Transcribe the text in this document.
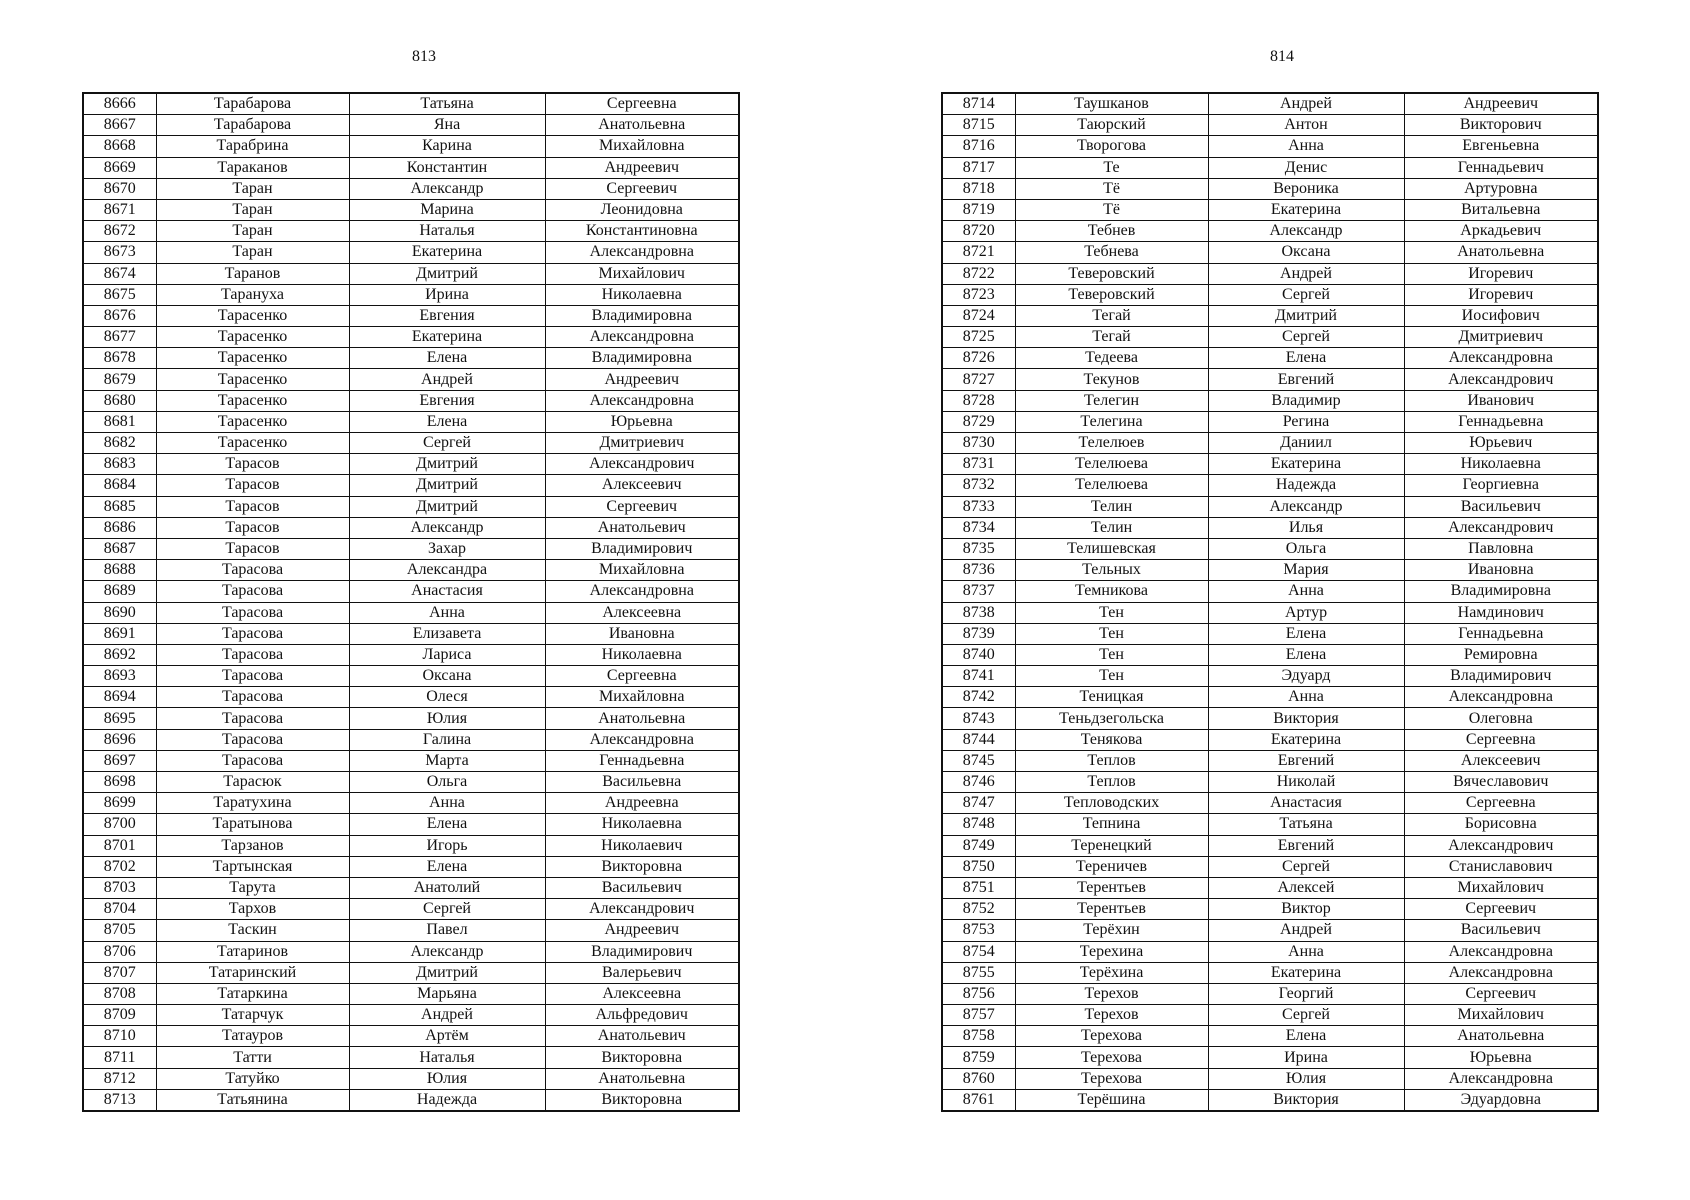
813	814
8666	Тарабарова	Татьяна	Сергеевна
8667	Тарабарова	Яна	Анатольевна
8668	Тарабрина	Карина	Михайловна
8669	Тараканов	Константин	Андреевич
8670	Таран	Александр	Сергеевич
8671	Таран	Марина	Леонидовна
8672	Таран	Наталья	Константиновна
8673	Таран	Екатерина	Александровна
8674	Таранов	Дмитрий	Михайлович
8675	Тарануха	Ирина	Николаевна
8676	Тарасенко	Евгения	Владимировна
8677	Тарасенко	Екатерина	Александровна
8678	Тарасенко	Елена	Владимировна
8679	Тарасенко	Андрей	Андреевич
8680	Тарасенко	Евгения	Александровна
8681	Тарасенко	Елена	Юрьевна
8682	Тарасенко	Сергей	Дмитриевич
8683	Тарасов	Дмитрий	Александрович
8684	Тарасов	Дмитрий	Алексеевич
8685	Тарасов	Дмитрий	Сергеевич
8686	Тарасов	Александр	Анатольевич
8687	Тарасов	Захар	Владимирович
8688	Тарасова	Александра	Михайловна
8689	Тарасова	Анастасия	Александровна
8690	Тарасова	Анна	Алексеевна
8691	Тарасова	Елизавета	Ивановна
8692	Тарасова	Лариса	Николаевна
8693	Тарасова	Оксана	Сергеевна
8694	Тарасова	Олеся	Михайловна
8695	Тарасова	Юлия	Анатольевна
8696	Тарасова	Галина	Александровна
8697	Тарасова	Марта	Геннадьевна
8698	Тарасюк	Ольга	Васильевна
8699	Таратухина	Анна	Андреевна
8700	Таратынова	Елена	Николаевна
8701	Тарзанов	Игорь	Николаевич
8702	Тартынская	Елена	Викторовна
8703	Тарута	Анатолий	Васильевич
8704	Тархов	Сергей	Александрович
8705	Таскин	Павел	Андреевич
8706	Татаринов	Александр	Владимирович
8707	Татаринский	Дмитрий	Валерьевич
8708	Татаркина	Марьяна	Алексеевна
8709	Татарчук	Андрей	Альфредович
8710	Татауров	Артём	Анатольевич
8711	Татти	Наталья	Викторовна
8712	Татуйко	Юлия	Анатольевна
8713	Татьянина	Надежда	Викторовна
8714	Таушканов	Андрей	Андреевич
8715	Таюрский	Антон	Викторович
8716	Творогова	Анна	Евгеньевна
8717	Те	Денис	Геннадьевич
8718	Тё	Вероника	Артуровна
8719	Тё	Екатерина	Витальевна
8720	Тебнев	Александр	Аркадьевич
8721	Тебнева	Оксана	Анатольевна
8722	Теверовский	Андрей	Игоревич
8723	Теверовский	Сергей	Игоревич
8724	Тегай	Дмитрий	Иосифович
8725	Тегай	Сергей	Дмитриевич
8726	Тедеева	Елена	Александровна
8727	Текунов	Евгений	Александрович
8728	Телегин	Владимир	Иванович
8729	Телегина	Регина	Геннадьевна
8730	Телелюев	Даниил	Юрьевич
8731	Телелюева	Екатерина	Николаевна
8732	Телелюева	Надежда	Георгиевна
8733	Телин	Александр	Васильевич
8734	Телин	Илья	Александрович
8735	Телишевская	Ольга	Павловна
8736	Тельных	Мария	Ивановна
8737	Темникова	Анна	Владимировна
8738	Тен	Артур	Намдинович
8739	Тен	Елена	Геннадьевна
8740	Тен	Елена	Ремировна
8741	Тен	Эдуард	Владимирович
8742	Теницкая	Анна	Александровна
8743	Теньдзегольска	Виктория	Олеговна
8744	Тенякова	Екатерина	Сергеевна
8745	Теплов	Евгений	Алексеевич
8746	Теплов	Николай	Вячеславович
8747	Тепловодских	Анастасия	Сергеевна
8748	Тепнина	Татьяна	Борисовна
8749	Теренецкий	Евгений	Александрович
8750	Тереничев	Сергей	Станиславович
8751	Терентьев	Алексей	Михайлович
8752	Терентьев	Виктор	Сергеевич
8753	Терёхин	Андрей	Васильевич
8754	Терехина	Анна	Александровна
8755	Терёхина	Екатерина	Александровна
8756	Терехов	Георгий	Сергеевич
8757	Терехов	Сергей	Михайлович
8758	Терехова	Елена	Анатольевна
8759	Терехова	Ирина	Юрьевна
8760	Терехова	Юлия	Александровна
8761	Терёшина	Виктория	Эдуардовна
